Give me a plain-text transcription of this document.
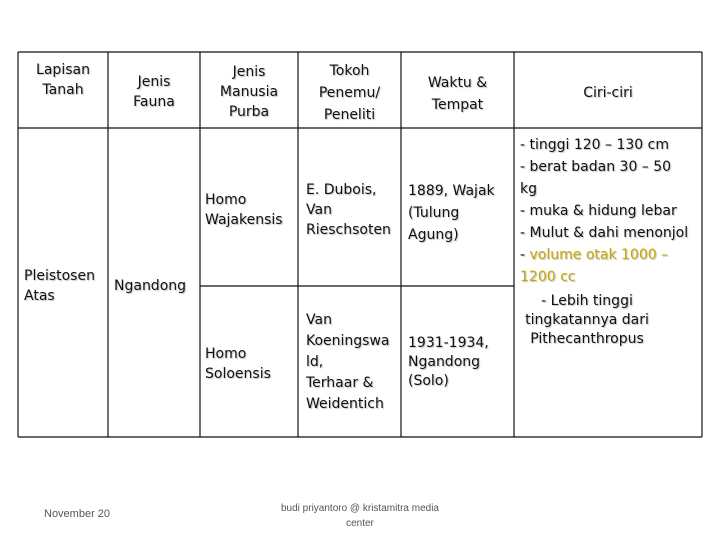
Lapisan
Tanah	Jenis
Fauna
Jenis
Manusia
Purba
Tokoh
Penemu/
Peneliti
Waktu &
Tempat
Ciri-ciri
Pleistosen
Atas
Ngandong
Homo
Wajakensis
E. Dubois,
Van
Rieschsoten
1889, Wajak
(Tulung
Agung)
Homo
Soloensis
Van
Koeningswa
ld,
Terhaar &
Weidentich
1931-1934,
Ngandong
(Solo)
- tinggi 120 – 130 cm
- berat badan 30 – 50
kg
- muka & hidung lebar
- Mulut & dahi menonjol
- volume otak 1000 –
1200 cc
- Lebih tinggi
tingkatannya dari
Pithecanthropus
November 20	budi priyantoro @ kristamitra media
center
